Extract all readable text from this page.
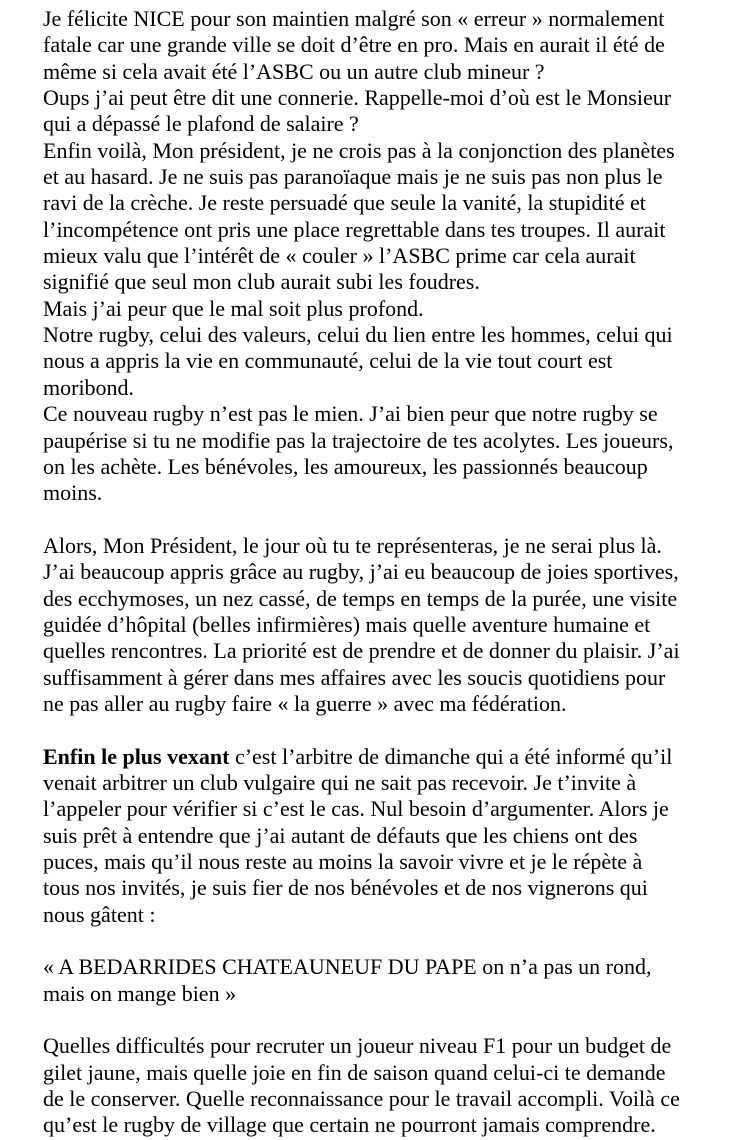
Je félicite NICE pour son maintien malgré son « erreur » normalement
fatale car une grande ville se doit d’être en pro. Mais en aurait il été de
même si cela avait été l’ASBC ou un autre club mineur ?
Oups j’ai peut être dit une connerie. Rappelle-moi d’où est le Monsieur
qui a dépassé le plafond de salaire ?
Enfin voilà, Mon président, je ne crois pas à la conjonction des planètes
et au hasard. Je ne suis pas paranoïaque mais je ne suis pas non plus le
ravi de la crèche. Je reste persuadé que seule la vanité, la stupidité et
l’incompétence ont pris une place regrettable dans tes troupes. Il aurait
mieux valu que l’intérêt de « couler » l’ASBC prime car cela aurait
signifié que seul mon club aurait subi les foudres.
Mais j’ai peur que le mal soit plus profond.
Notre rugby, celui des valeurs, celui du lien entre les hommes, celui qui
nous a appris la vie en communauté, celui de la vie tout court est
moribond.
Ce nouveau rugby n’est pas le mien. J’ai bien peur que notre rugby se
paupérise si tu ne modifie pas la trajectoire de tes acolytes. Les joueurs,
on les achète. Les bénévoles, les amoureux, les passionnés beaucoup
moins.

Alors, Mon Président, le jour où tu te représenteras, je ne serai plus là.
J’ai beaucoup appris grâce au rugby, j’ai eu beaucoup de joies sportives,
des ecchymoses, un nez cassé, de temps en temps de la purée, une visite
guidée d’hôpital (belles infirmières) mais quelle aventure humaine et
quelles rencontres. La priorité est de prendre et de donner du plaisir. J’ai
suffisamment à gérer dans mes affaires avec les soucis quotidiens pour
ne pas aller au rugby faire « la guerre » avec ma fédération.

Enfin le plus vexant c’est l’arbitre de dimanche qui a été informé qu’il
venait arbitrer un club vulgaire qui ne sait pas recevoir. Je t’invite à
l’appeler pour vérifier si c’est le cas. Nul besoin d’argumenter. Alors je
suis prêt à entendre que j’ai autant de défauts que les chiens ont des
puces, mais qu’il nous reste au moins la savoir vivre et je le répète à
tous nos invités, je suis fier de nos bénévoles et de nos vignerons qui
nous gâtent :

« A BEDARRIDES CHATEAUNEUF DU PAPE on n’a pas un rond,
mais on mange bien »

Quelles difficultés pour recruter un joueur niveau F1 pour un budget de
gilet jaune, mais quelle joie en fin de saison quand celui-ci te demande
de le conserver. Quelle reconnaissance pour le travail accompli. Voilà ce
qu’est le rugby de village que certain ne pourront jamais comprendre.
